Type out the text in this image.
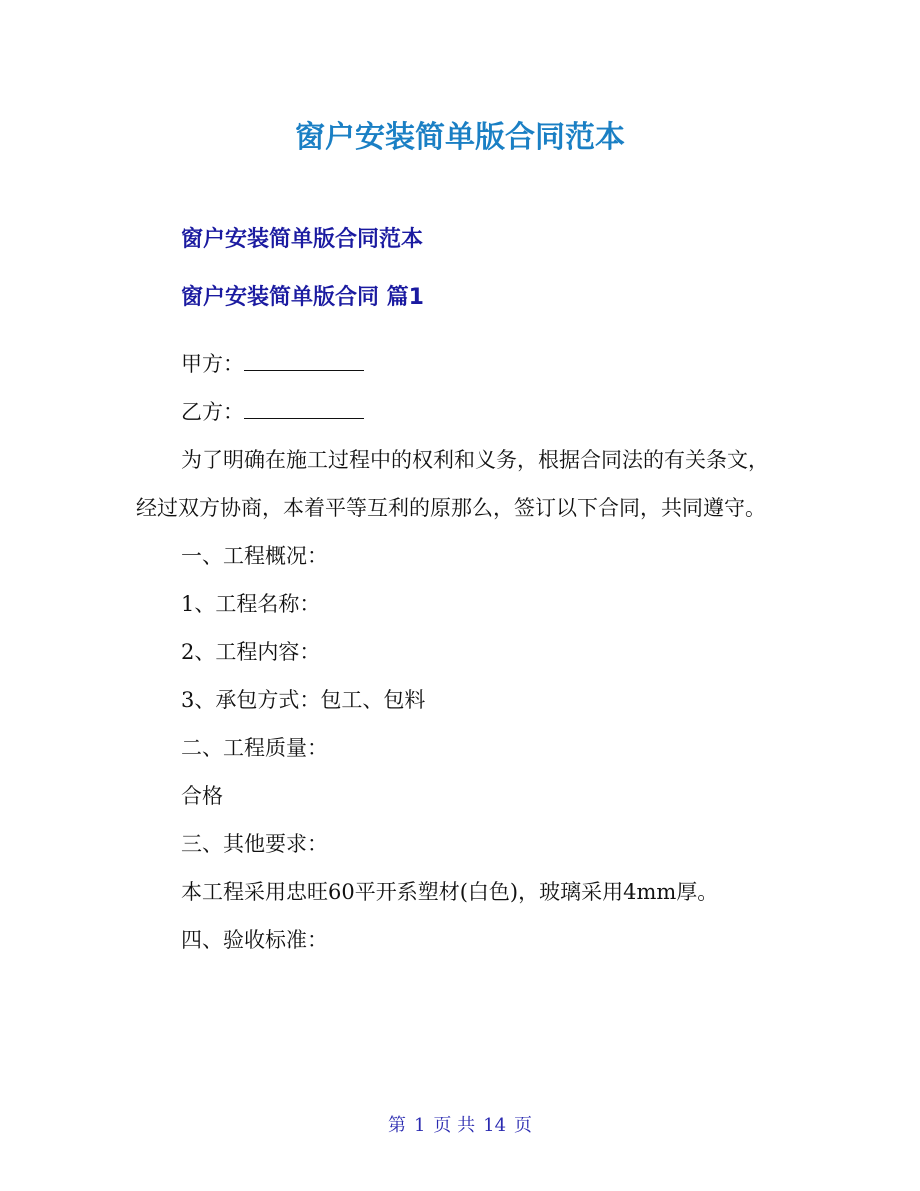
窗户安装简单版合同范本
窗户安装简单版合同范本
窗户安装简单版合同 篇1

甲方：

乙方：

为了明确在施工过程中的权利和义务，根据合同法的有关条文，经过双方协商，本着平等互利的原那么，签订以下合同，共同遵守。

一、工程概况：

1、工程名称：

2、工程内容：

3、承包方式：包工、包料

二、工程质量：

合格

三、其他要求：

本工程采用忠旺60平开系塑材(白色)，玻璃采用4mm厚。

四、验收标准：

第 1 页 共 14 页
